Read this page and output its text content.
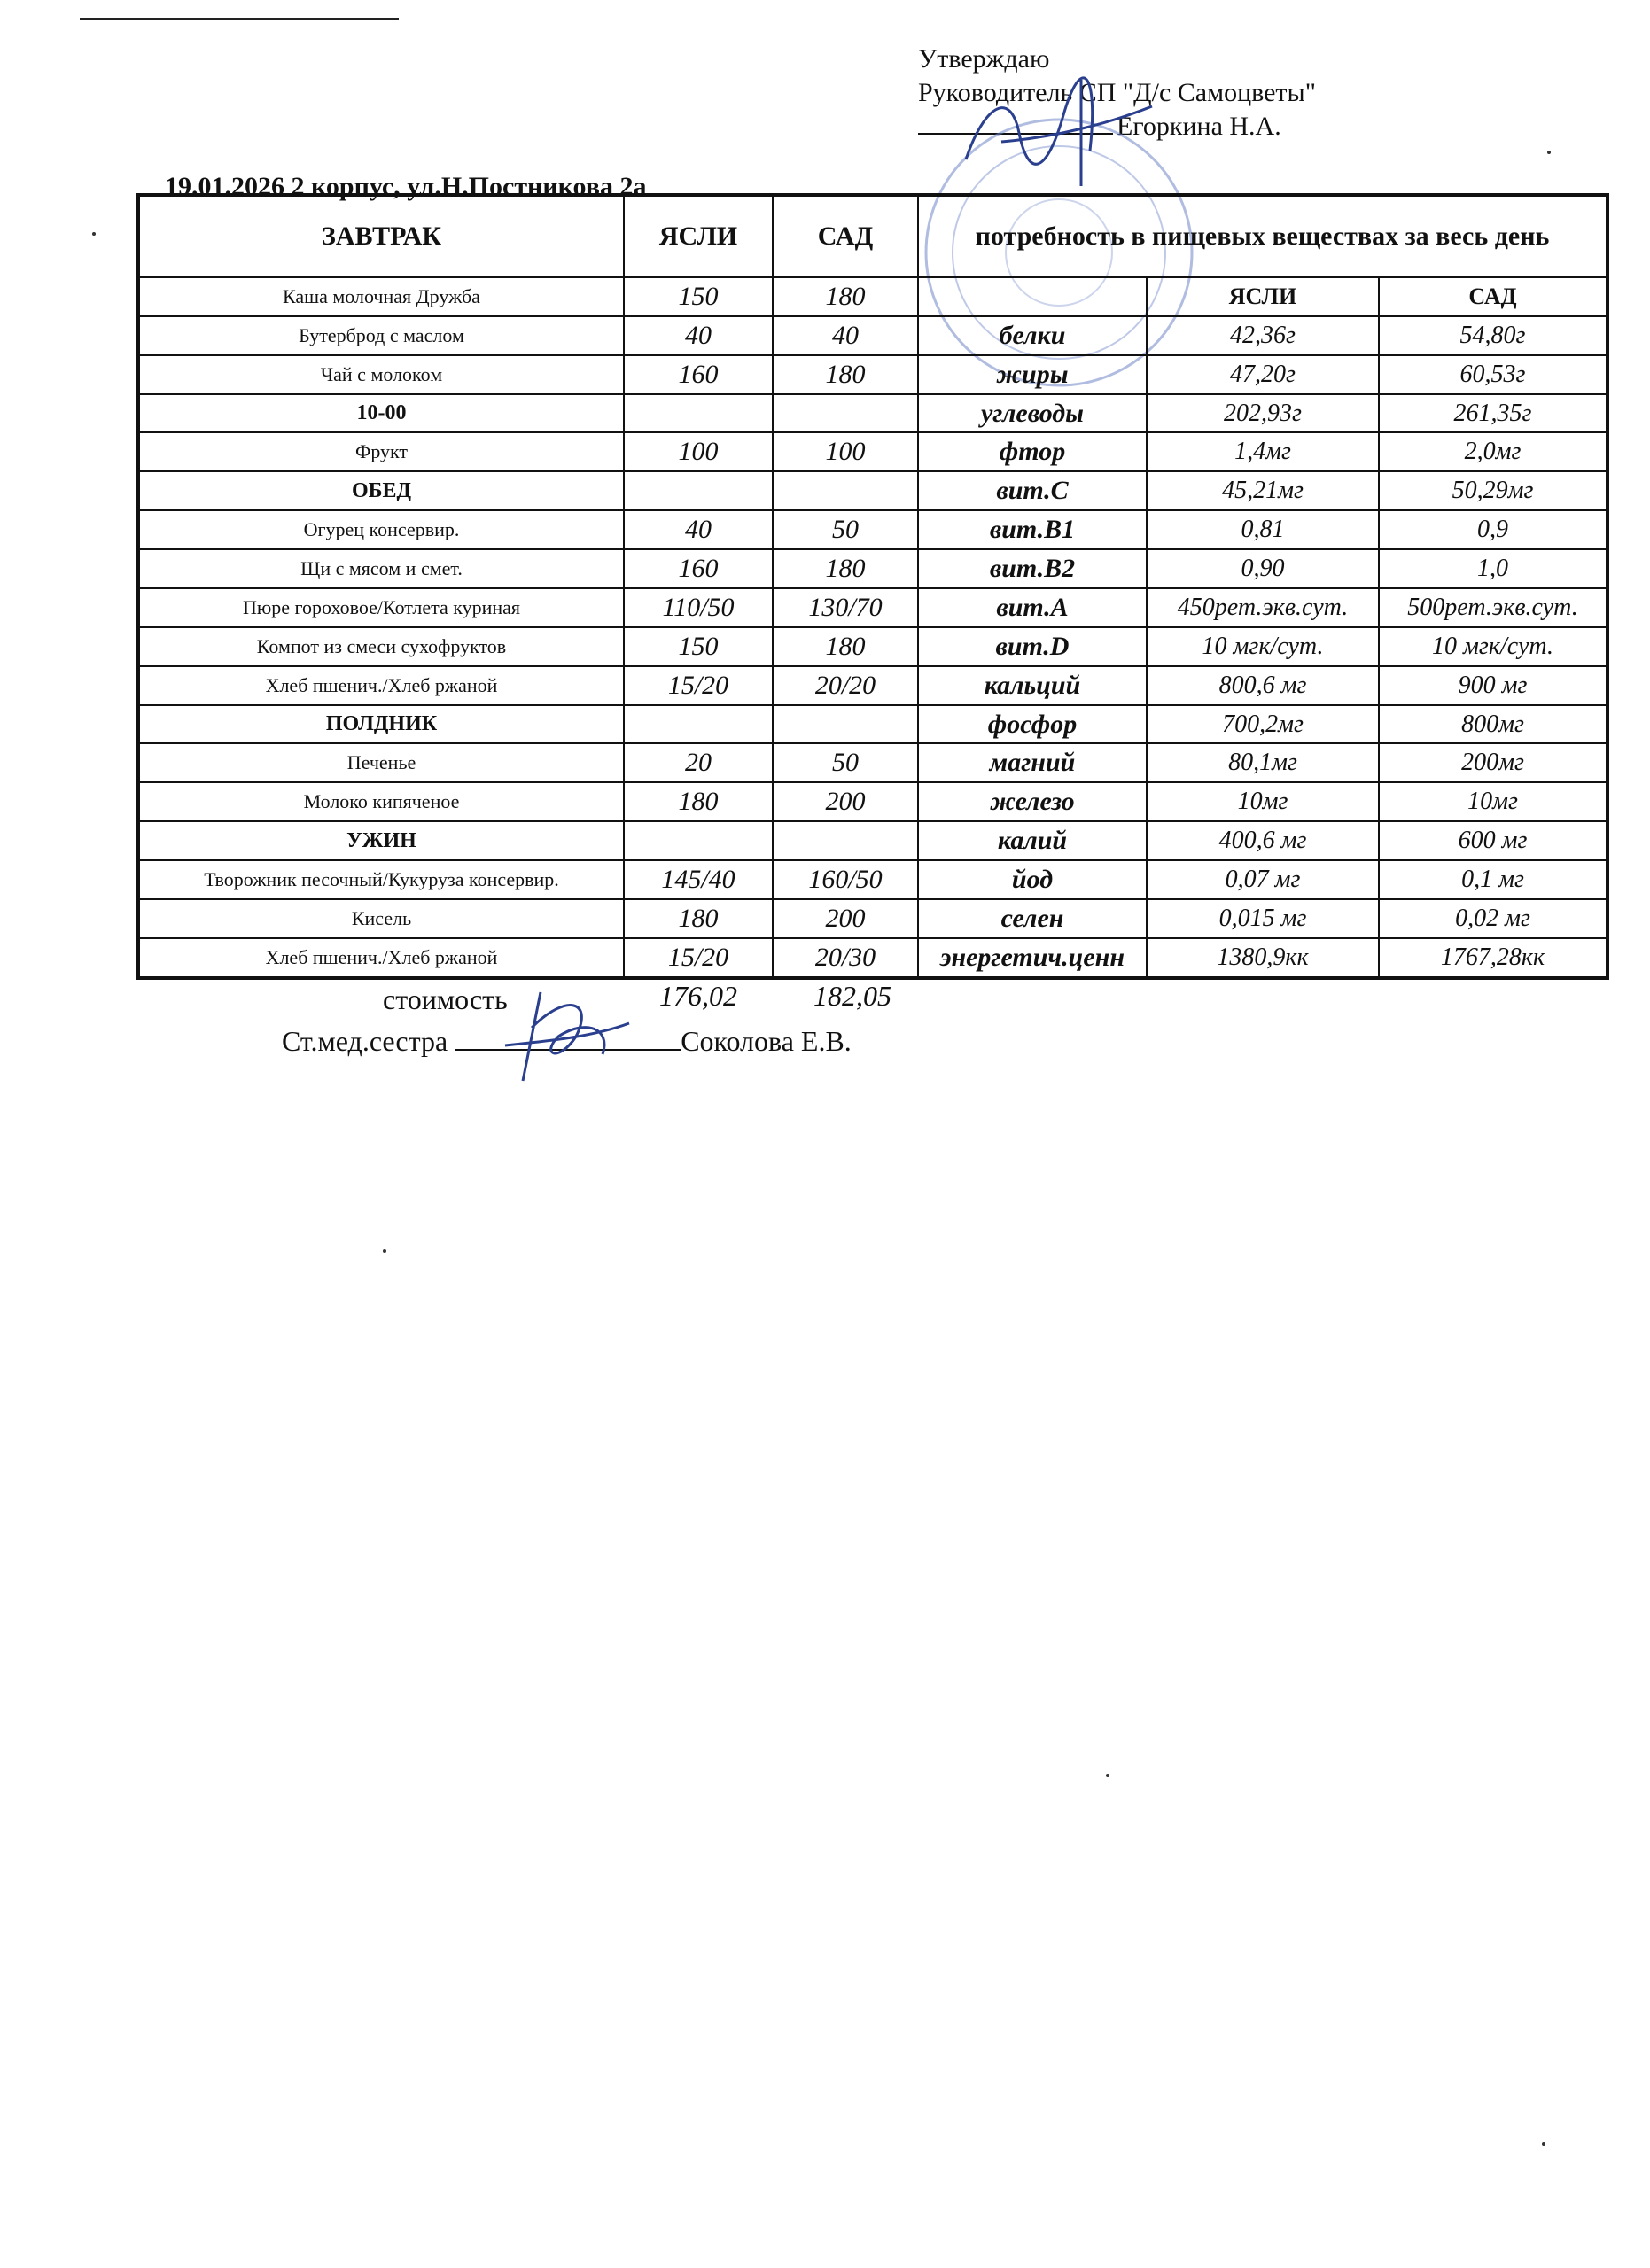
Утверждаю
Руководитель СП "Д/с Самоцветы"
Егоркина Н.А.
19.01.2026 2 корпус, ул.Н.Постникова 2а
ЗАВТРАК	ЯСЛИ	САД	потребность в пищевых веществах за весь день		
Каша молочная Дружба	150	180		ЯСЛИ	САД
Бутерброд с маслом	40	40	белки	42,36г	54,80г
Чай с молоком	160	180	жиры	47,20г	60,53г
10-00			углеводы	202,93г	261,35г
Фрукт	100	100	фтор	1,4мг	2,0мг
ОБЕД			вит.С	45,21мг	50,29мг
Огурец консервир.	40	50	вит.В1	0,81	0,9
Щи с мясом и смет.	160	180	вит.В2	0,90	1,0
Пюре гороховое/Котлета куриная	110/50	130/70	вит.А	450рет.экв.сут.	500рет.экв.сут.
Компот из смеси сухофруктов	150	180	вит.D	10 мгк/сут.	10 мгк/сут.
Хлеб пшенич./Хлеб ржаной	15/20	20/20	кальций	800,6 мг	900 мг
ПОЛДНИК			фосфор	700,2мг	800мг
Печенье	20	50	магний	80,1мг	200мг
Молоко кипяченое	180	200	железо	10мг	10мг
УЖИН			калий	400,6 мг	600 мг
Творожник песочный/Кукуруза консервир.	145/40	160/50	йод	0,07 мг	0,1 мг
Кисель	180	200	селен	0,015 мг	0,02 мг
Хлеб пшенич./Хлеб ржаной	15/20	20/30	энергетич.ценн	1380,9кк	1767,28кк
стоимость	176,02	182,05
Ст.мед.сестра	Соколова Е.В.
